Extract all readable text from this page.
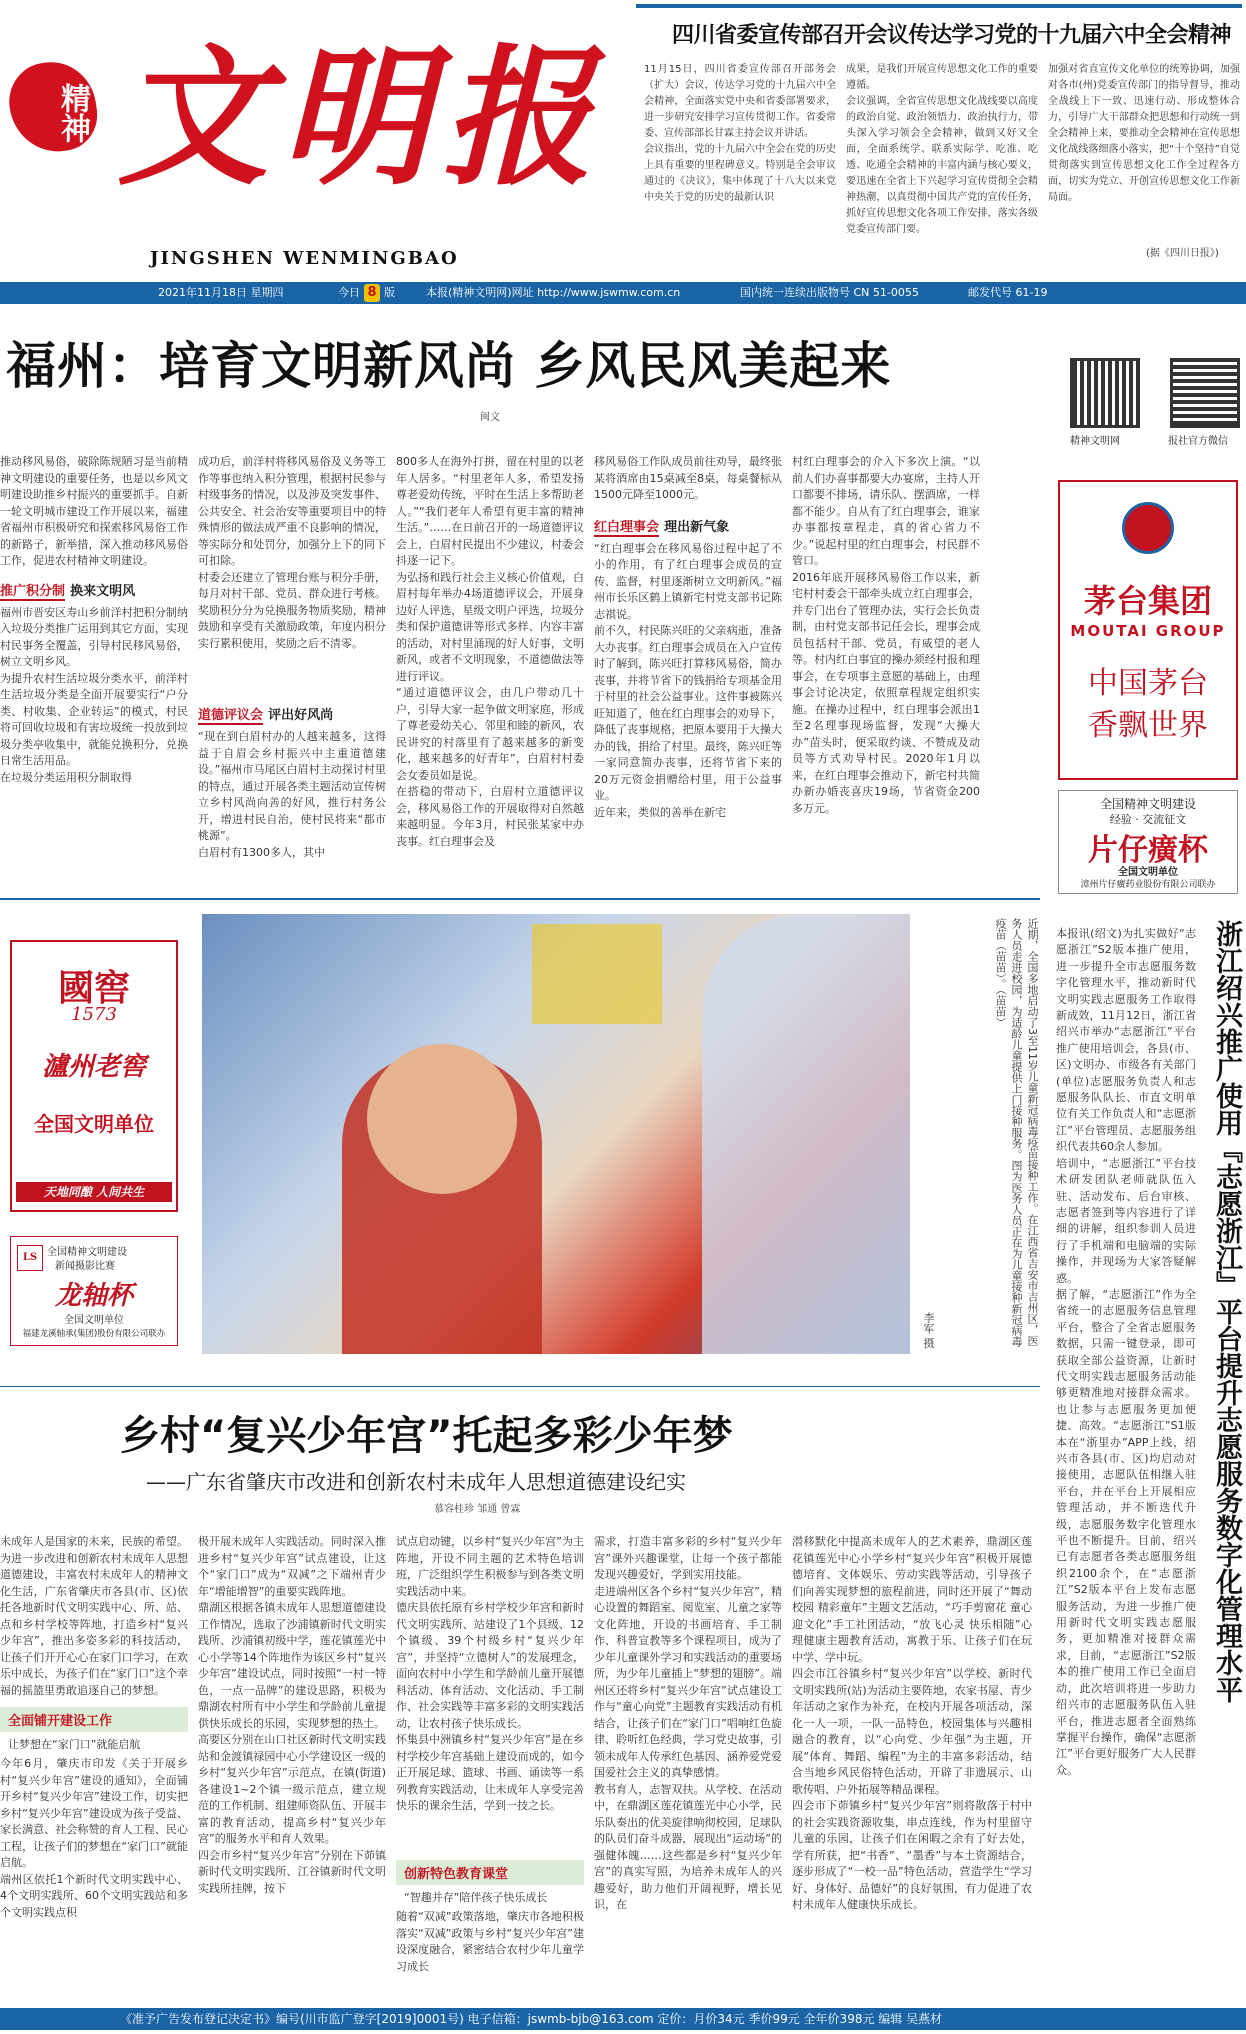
精神 文明报
JINGSHEN WENMINGBAO
四川省委宣传部召开会议传达学习党的十九届六中全会精神
11月15日，四川省委宣传部召开部务会（扩大）会议，传达学习党的十九届六中全会精神，全面落实党中央和省委部署要求，进一步研究安排学习宣传贯彻工作。省委常委、宣传部部长甘霖主持会议并讲话。
会议指出，党的十九届六中全会在党的历史上具有重要的里程碑意义。特别是全会审议通过的《决议》，集中体现了十八大以来党中央关于党的历史的最新认识
成果，是我们开展宣传思想文化工作的重要遵循。
会议强调，全省宣传思想文化战线要以高度的政治自觉、政治领悟力、政治执行力，带头深入学习领会全会精神，做到又好又全面，全面系统学、联系实际学、吃准、吃透、吃通全会精神的丰富内涵与核心要义，要迅速在全省上下兴起学习宣传贯彻全会精神热潮，以真贯彻中国共产党的宣传任务，抓好宣传思想文化各项工作安排，落实各级党委宣传部门要。
加强对省直宣传文化单位的统筹协调，加强对各市(州)党委宣传部门的指导督导，推动全战线上下一致、迅速行动、形成整体合力，引导广大干部群众把思想和行动统一到全会精神上来，要推动全会精神在宣传思想文化战线落细落小落实，把“十个坚持”自觉贯彻落实到宣传思想文化工作全过程各方面，切实为党立、开创宣传思想文化工作新局面。
(据《四川日报》)
2021年11月18日 星期四	今日 8 版	本报(精神文明网)网址 http://www.jswmw.com.cn	国内统一连续出版物号 CN 51-0055	邮发代号 61-19
福州：培育文明新风尚 乡风民风美起来
闽文
推动移风易俗，破除陈规陋习是当前精神文明建设的重要任务，也是以乡风文明建设助推乡村振兴的重要抓手。自新一轮文明城市建设工作开展以来，福建省福州市积极研究和探索移风易俗工作的新路子，新举措，深入推动移风易俗工作，促进农村精神文明建设。
推广积分制 换来文明风
福州市晋安区寿山乡前洋村把积分制纳入垃圾分类推广运用到其它方面，实现村民事务全覆盖，引导村民移风易俗，树立文明乡风。
为提升农村生活垃圾分类水平，前洋村生活垃圾分类是全面开展要实行“户分类、村收集、企业转运”的模式，村民将可回收垃圾和有害垃圾统一投放到垃圾分类亭收集中，就能兑换积分，兑换日常生活用品。
在垃圾分类运用积分制取得
成功后，前洋村将移风易俗及义务等工作等事也纳入积分管理，根据村民参与村级事务的情况，以及涉及突发事件、公共安全、社会治安等重要项目中的特殊情形的做法成严重不良影响的情况，等实际分和处罚分，加强分上下的同下可扣除。
村委会还建立了管理台账与积分手册，每月对村干部、党员、群众进行考核。奖励积分分为兑换服务物质奖励，精神鼓励和享受有关激励政策，年度内积分实行累积使用，奖励之后不清零。
道德评议会 评出好风尚
“现在到白眉村办的人越来越多，这得益于自眉会乡村振兴中主重道德建设。”福州市马尾区白眉村主动探讨村里的特点，通过开展各类主题活动宣传树立乡村风尚向善的好风，推行村务公开，增进村民自治，使村民将来“都市桃源”。
白眉村有1300多人，其中
800多人在海外打拼，留在村里的以老年人居多。“村里老年人多，希望发扬尊老爱幼传统，平时在生活上多帮助老人。”“我们老年人希望有更丰富的精神生活。”……在日前召开的一场道德评议会上，白眉村民提出不少建议，村委会抖逐一记下。
为弘扬和践行社会主义核心价值观，白眉村每年举办4场道德评议会，开展身边好人评选，星级文明户评选，垃圾分类和保护道德讲等形式多样、内容丰富的活动，对村里涌现的好人好事，文明新风，或者不文明现象，不道德做法等进行评议。
“通过道德评议会，由几户带动几十户，引导大家一起争做文明家庭，形成了尊老爱幼关心、邻里和睦的新风，农民讲究的村落里有了越来越多的新变化，越来越多的好青年”，白眉村村委会女委员如是说。
在搭稳的带动下，白眉村立道德评议会，移风易俗工作的开展取得对自然越来越明显。今年3月，村民张某家中办丧事。红白理事会及
移风易俗工作队成员前往劝导，最终张某将酒席由15桌减至8桌，每桌餐标从1500元降至1000元。
红白理事会 理出新气象
“红白理事会在移风易俗过程中起了不小的作用，有了红白理事会成员的宣传、监督，村里逐渐树立文明新风。”福州市长乐区鹤上镇新宅村党支部书记陈志祺说。
前不久，村民陈兴旺的父亲病逝，准备大办丧事。红白理事会成员在入户宣传时了解到，陈兴旺打算移风易俗，简办丧事，并将节省下的钱捐给专项基金用于村里的社会公益事业。这件事被陈兴旺知道了，他在红白理事会的劝导下，降低了丧事规格，把原本要用于大操大办的钱，捐给了村里。最终，陈兴旺等一家同意简办丧事，还将节省下来的20万元资金捐赠给村里，用于公益事业。
近年来，类似的善举在新宅
村红白理事会的介入下多次上演。“以前人们办喜事都要大办宴席，主持人开口都要不排场，请乐队、摆酒席，一样都不能少。自从有了红白理事会，谁家办事都按章程走，真的省心省力不少。”说起村里的红白理事会，村民群不管口。
2016年底开展移风易俗工作以来，新宅村村委会干部牵头成立红白理事会，并专门出台了管理办法，实行会长负责制，由村党支部书记任会长，理事会成员包括村干部、党员，有威望的老人等。村内红白事宜的操办须经村报和理事会，在专项事主意愿的基础上，由理事会讨论决定，依照章程规定组织实施。在操办过程中，红白理事会派出1至2名理事现场监督，发现“大操大办”苗头时，便采取约谈、不赞成及动员等方式劝导村民。2020年1月以来，在红白理事会推动下，新宅村共简办新办婚丧喜庆19场，节省资金200多万元。
精神文明网	报社官方微信
茅台集团
MOUTAI GROUP
中国茅台
香飘世界
全国精神文明建设
经验 · 交流征文
片仔癀杯
全国文明单位
漳州片仔癀药业股份有限公司联办
國窖
1573
瀘州老窖
全国文明单位
天地同酿 人间共生
LS 全国精神文明建设
新闻摄影比赛
龙轴杯
全国文明单位
福建龙溪轴承(集团)股份有限公司联办	近期，全国多地启动了3至11岁儿童新冠病毒疫苗接种工作。在江西省吉安市吉州区，医务人员走进校园，为适龄儿童提供上门接种服务。图为医务人员正在为儿童接种新冠病毒疫苗（苗苗）。（苗苗）
李军 摄	浙江绍兴推广使用『志愿浙江』平台提升志愿服务数字化管理水平
本报讯(绍文)为扎实做好“志愿浙江”S2版本推广使用，进一步提升全市志愿服务数字化管理水平，推动新时代文明实践志愿服务工作取得新成效，11月12日，浙江省绍兴市举办“志愿浙江”平台推广使用培训会，各县(市、区)文明办、市级各有关部门(单位)志愿服务负责人和志愿服务队队长、市直文明单位有关工作负责人和“志愿浙江”平台管理员、志愿服务组织代表共60余人参加。
培训中，“志愿浙江”平台技术研发团队老师就队伍入驻、活动发布、后台审核、志愿者签到等内容进行了详细的讲解，组织参训人员进行了手机端和电脑端的实际操作，并现场为大家答疑解惑。
据了解，“志愿浙江”作为全省统一的志愿服务信息管理平台，整合了全省志愿服务数据，只需一键登录，即可获取全部公益资源，让新时代文明实践志愿服务活动能够更精准地对接群众需求。也让参与志愿服务更加便捷、高效。“志愿浙江”S1版本在“浙里办”APP上线，绍兴市各县(市、区)均启动对接使用，志愿队伍相继入驻平台，并在平台上开展相应管理活动，并不断迭代升级，志愿服务数字化管理水平也不断提升。目前，绍兴已有志愿者各类志愿服务组织2100余个，在“志愿浙江”S2版本平台上发布志愿服务活动，为进一步推广使用新时代文明实践志愿服务，更加精准对接群众需求，目前，“志愿浙江”S2版本的推广使用工作已全面启动，此次培训将进一步助力绍兴市的志愿服务队伍入驻平台，推进志愿者全面熟练掌握平台操作，确保“志愿浙江”平台更好服务广大人民群众。
乡村“复兴少年宫”托起多彩少年梦
——广东省肇庆市改进和创新农村未成年人思想道德建设纪实
慕容桂珍 邹通 曾霖
未成年人是国家的未来，民族的希望。为进一步改进和创新农村未成年人思想道德建设，丰富农村未成年人的精神文化生活，广东省肇庆市各县(市、区)依托各地新时代文明实践中心、所、站、点和乡村学校等阵地，打造乡村“复兴少年宫”，推出多姿多彩的科技活动，让孩子们开开心心在家门口学习，在欢乐中成长，为孩子们在“家门口”这个幸福的摇篮里勇敢追逐自己的梦想。
全面铺开建设工作
让梦想在“家门口”就能启航
今年6月，肇庆市印发《关于开展乡村“复兴少年宫”建设的通知》，全面铺开乡村“复兴少年宫”建设工作，切实把乡村“复兴少年宫”建设成为孩子受益、家长满意、社会称赞的育人工程、民心工程，让孩子们的梦想在“家门口”就能启航。
端州区依托1个新时代文明实践中心、4个文明实践所、60个文明实践站和多个文明实践点积
极开展未成年人实践活动。同时深入推进乡村“复兴少年宫”试点建设，让这个“家门口”成为“双减”之下端州青少年“增能增智”的重要实践阵地。
鼎湖区根据各镇未成年人思想道德建设工作情况，选取了沙浦镇新时代文明实践所、沙浦镇初级中学，莲花镇莲光中心小学等14个阵地作为该区乡村“复兴少年宫”建设试点，同时按照“一村一特色，一点一品牌”的建设思路，积极为鼎湖农村所有中小学生和学龄前儿童提供快乐成长的乐园，实现梦想的热土。
高要区分别在山口社区新时代文明实践站和金渡镇禄园中心小学建设区一级的乡村“复兴少年宫”示范点，在镇(街道)各建设1~2个镇一级示范点，建立规范的工作机制、组建师资队伍、开展丰富的教育活动，提高乡村“复兴少年宫”的服务水平和育人效果。
四会市乡村“复兴少年宫”分别在下茆镇新时代文明实践所、江谷镇新时代文明实践所挂牌，按下
试点启动键，以乡村“复兴少年宫”为主阵地，开设不同主题的艺术特色培训班，广泛组织学生积极参与到各类文明实践活动中来。
德庆县依托原有乡村学校少年宫和新时代文明实践所、站建设了1个县级、12个镇级、39个村级乡村“复兴少年宫”，并坚持“立德树人”的发展理念，面向农村中小学生和学龄前儿童开展德科活动、体育活动、文化活动、手工制作、社会实践等丰富多彩的文明实践活动，让农村孩子快乐成长。
怀集县中洲镇乡村“复兴少年宫”是在乡村学校少年宫基础上建设而成的，如今正开展足球、篮球、书画、诵读等一系列教育实践活动，让未成年人享受完善快乐的课余生活，学到一技之长。
创新特色教育课堂
“智趣并存”陪伴孩子快乐成长
随着“双减”政策落地，肇庆市各地积极落实“双减”政策与乡村“复兴少年宫”建设深度融合，紧密结合农村少年儿童学习成长
需求，打造丰富多彩的乡村“复兴少年宫”课外兴趣课堂，让每一个孩子都能发现兴趣爱好，学到实用技能。
走进端州区各个乡村“复兴少年宫”，精心设置的舞蹈室、阅览室、儿童之家等文化阵地，开设的书画培育、手工制作、科普宣教等多个课程项目，成为了少年儿童课外学习和实践活动的重要场所，为少年儿童插上“梦想的翅膀”。端州区还将乡村“复兴少年宫”试点建设工作与“童心向党”主题教育实践活动有机结合，让孩子们在“家门口”唱响红色旋律、聆听红色经典，学习党史故事，引领未成年人传承红色基因、涵养爱党爱国爱社会主义的真挚感情。
教书育人，志智双扶。从学校、在活动中，在鼎湖区莲花镇莲光中心小学，民乐队奏出的优美旋律响彻校园，足球队的队员们奋斗成器，展现出“运动场”的强健体魄……这些都是乡村“复兴少年宫”的真实写照，为培养未成年人的兴趣爱好，助力他们开阔视野，增长见识，在
潜移默化中提高未成年人的艺术素养，鼎湖区莲花镇莲光中心小学乡村“复兴少年宫”积极开展德德培育、文体娱乐、劳动实践等活动，引导孩子们向善实现梦想的旅程前进，同时还开展了“舞动校园 精彩童年”主题文艺活动，“巧手剪窗花 童心迎文化”手工社团活动，“放飞心灵 快乐相随”心理健康主题教育活动，寓教于乐、让孩子们在玩中学、学中玩。
四会市江谷镇乡村“复兴少年宫”以学校、新时代文明实践所(站)为活动主要阵地，农家书屋、青少年活动之家作为补充，在校内开展各项活动，深化一人一项，一队一品特色，校园集体与兴趣相融合的教育，以“心向党、少年强”为主题，开展“体育、舞蹈、编程”为主的丰富多彩活动，结合当地乡风民俗特色活动，开辟了非遗展示、山歌传唱、户外拓展等精品课程。
四会市下茆镇乡村“复兴少年宫”则将散落于村中的社会实践资源收集，串点连线，作为村里留守儿童的乐园，让孩子们在闲暇之余有了好去处，学有所获，把“书香”、“墨香”与本土资源结合，逐步形成了“一校一品”特色活动，营造学生“学习好、身体好、品德好”的良好氛围，有力促进了农村未成年人健康快乐成长。
《准予广告发布登记决定书》编号(川市监广登字[2019]0001号) 电子信箱：jswmb-bjb@163.com 定价：月价34元 季价99元 全年价398元 编辑 吴燕材
